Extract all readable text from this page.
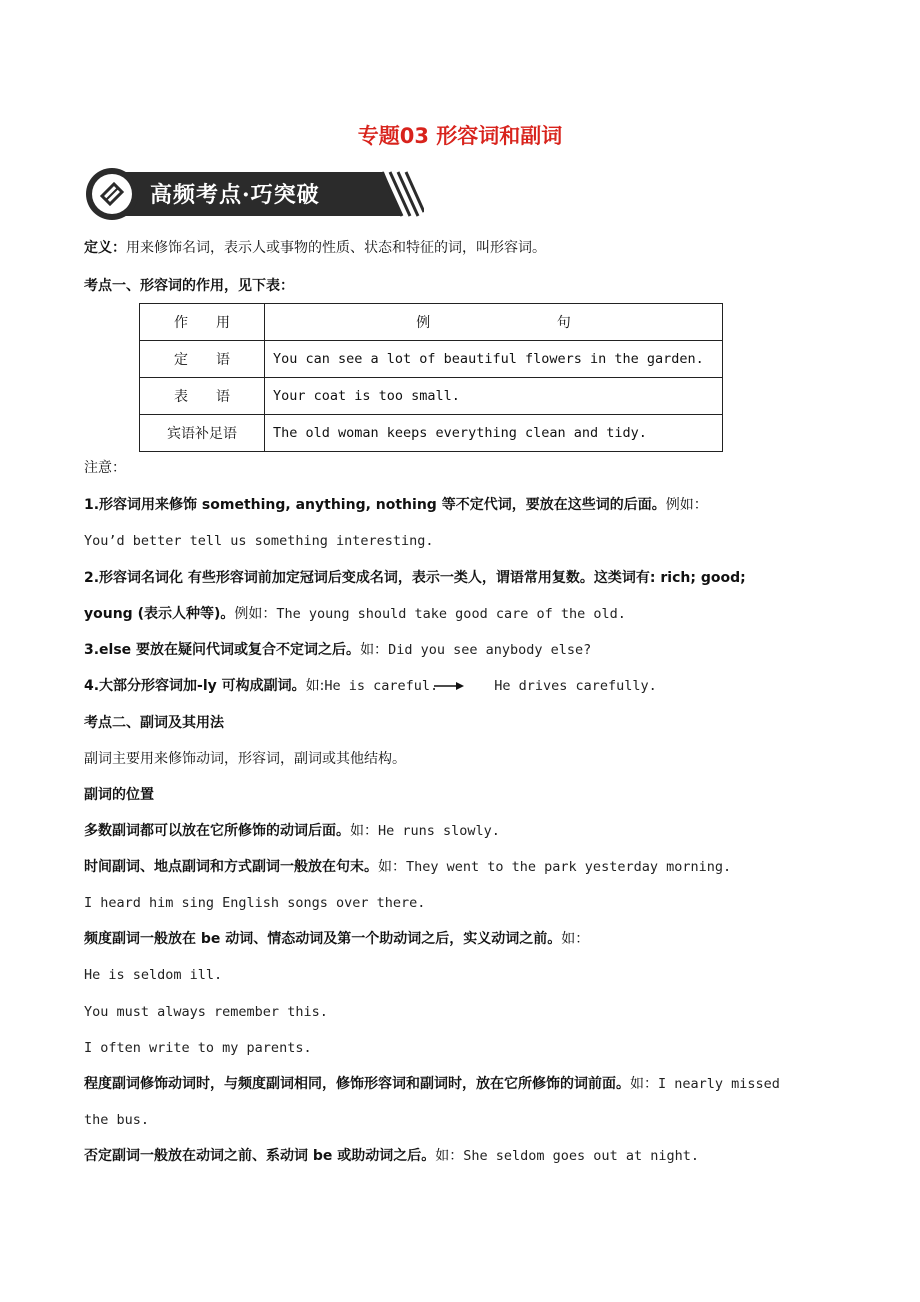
专题03 形容词和副词
高频考点·巧突破
定义：用来修饰名词，表示人或事物的性质、状态和特征的词，叫形容词。
考点一、形容词的作用，见下表：
作　　用	例 句

定　　语	You can see a lot of beautiful flowers in the garden.
表　　语	Your coat is too small.
宾语补足语	The old woman keeps everything clean and tidy.
注意：
1.形容词用来修饰 something, anything, nothing 等不定代词，要放在这些词的后面。例如：
You’d better tell us something interesting.
2.形容词名词化 有些形容词前加定冠词后变成名词，表示一类人，谓语常用复数。这类词有: rich; good;
young (表示人种等)。例如：The young should take good care of the old.
3.else 要放在疑问代词或复合不定词之后。如：Did you see anybody else?
4.大部分形容词加-ly 可构成副词。如:He is careful.	He drives carefully.
考点二、副词及其用法
副词主要用来修饰动词，形容词，副词或其他结构。
副词的位置
多数副词都可以放在它所修饰的动词后面。如：He runs slowly.
时间副词、地点副词和方式副词一般放在句末。如：They went to the park yesterday morning.
I heard him sing English songs over there.
频度副词一般放在 be 动词、情态动词及第一个助动词之后，实义动词之前。如：
He is seldom ill.
You must always remember this.
I often write to my parents.
程度副词修饰动词时，与频度副词相同，修饰形容词和副词时，放在它所修饰的词前面。如：I nearly missed
the bus.
否定副词一般放在动词之前、系动词 be 或助动词之后。如：She seldom goes out at night.
